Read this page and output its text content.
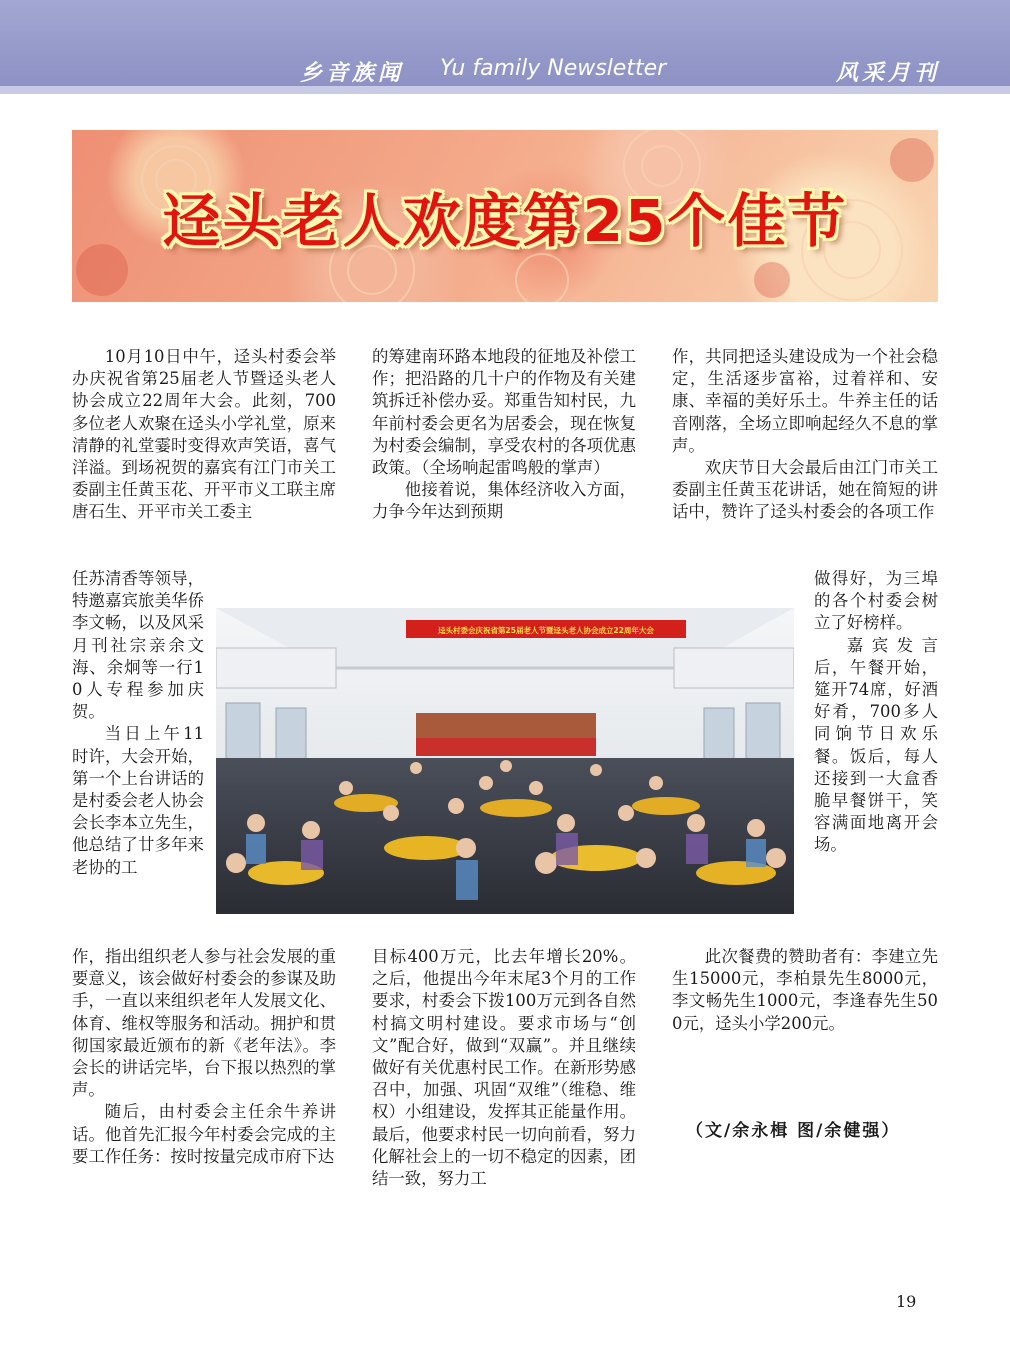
乡音族闻 Yu family Newsletter	风采月刊
迳头老人欢度第25个佳节

10月10日中午，迳头村委会举办庆祝省第25届老人节暨迳头老人协会成立22周年大会。此刻，700多位老人欢聚在迳头小学礼堂，原来清静的礼堂霎时变得欢声笑语，喜气洋溢。到场祝贺的嘉宾有江门市关工委副主任黄玉花、开平市义工联主席唐石生、开平市关工委主

任苏清香等领导，特邀嘉宾旅美华侨李文畅，以及风采月刊社宗亲余文海、余炯等一行10人专程参加庆贺。

当日上午11时许，大会开始，第一个上台讲话的是村委会老人协会会长李本立先生，他总结了廿多年来老协的工

作，指出组织老人参与社会发展的重要意义，该会做好村委会的参谋及助手，一直以来组织老年人发展文化、体育、维权等服务和活动。拥护和贯彻国家最近颁布的新《老年法》。李会长的讲话完毕，台下报以热烈的掌声。

随后，由村委会主任余牛养讲话。他首先汇报今年村委会完成的主要工作任务：按时按量完成市府下达

的筹建南环路本地段的征地及补偿工作；把沿路的几十户的作物及有关建筑拆迁补偿办妥。郑重告知村民，九年前村委会更名为居委会，现在恢复为村委会编制，享受农村的各项优惠政策。（全场响起雷鸣般的掌声）

他接着说，集体经济收入方面，力争今年达到预期

目标400万元，比去年增长20%。之后，他提出今年末尾3个月的工作要求，村委会下拨100万元到各自然村搞文明村建设。要求市场与“创文”配合好，做到“双赢”。并且继续做好有关优惠村民工作。在新形势感召中，加强、巩固“双维”（维稳、维权）小组建设，发挥其正能量作用。最后，他要求村民一切向前看，努力化解社会上的一切不稳定的因素，团结一致，努力工

作，共同把迳头建设成为一个社会稳定，生活逐步富裕，过着祥和、安康、幸福的美好乐土。牛养主任的话音刚落，全场立即响起经久不息的掌声。

欢庆节日大会最后由江门市关工委副主任黄玉花讲话，她在简短的讲话中，赞许了迳头村委会的各项工作

做得好，为三埠的各个村委会树立了好榜样。

嘉宾发言后，午餐开始，筵开74席，好酒好肴，700多人同饷节日欢乐餐。饭后，每人还接到一大盒香脆早餐饼干，笑容满面地离开会场。

此次餐费的赞助者有：李建立先生15000元，李柏景先生8000元，李文畅先生1000元，李逢春先生500元，迳头小学200元。

迳头村委会庆祝省第25届老人节暨迳头老人协会成立22周年大会
（文/余永楫 图/余健强）
19
